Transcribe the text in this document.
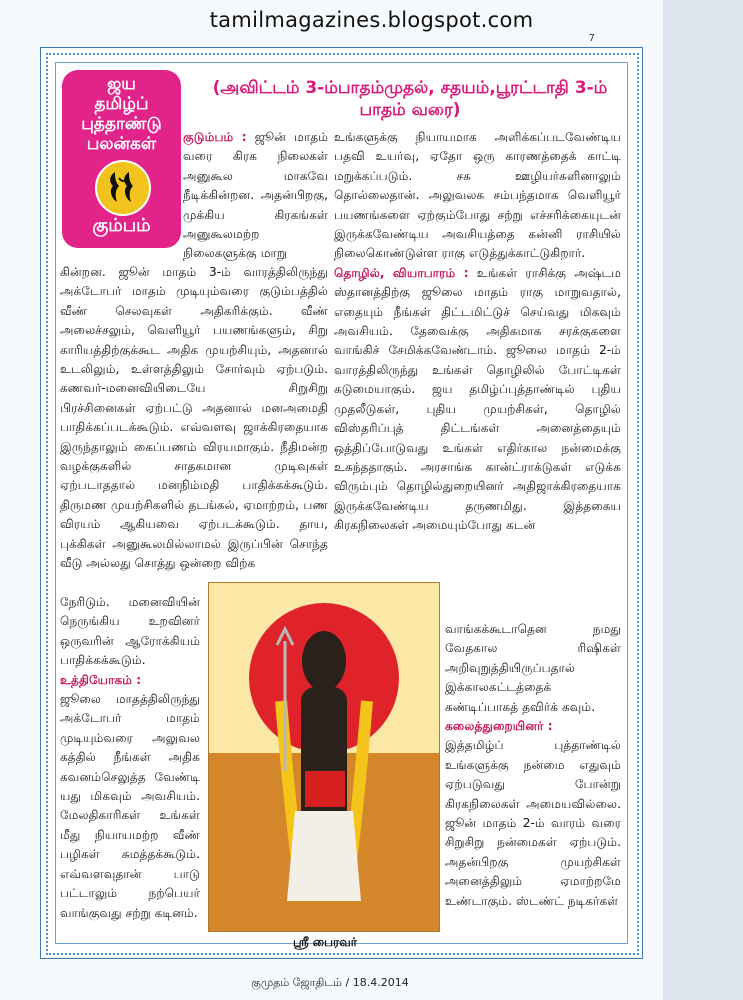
tamilmagazines.blogspot.com
7
ஜய
தமிழ்ப்
புத்தாண்டு
பலன்கள்
கும்பம்
(அவிட்டம் 3-ம்பாதம்முதல், சதயம்,பூரட்டாதி 3-ம் பாதம் வரை)
குடும்பம் : ஜூன் மாதம் வரை கிரக நிலைகள் அனுகூல மாகவே நீடிக்கின்றன. அதன்பிறகு, முக்கிய கிரகங்கள் அனுகூலமற்ற நிலைகளுக்கு மாறு
கின்றன. ஜூன் மாதம் 3-ம் வாரத்திலிருந்து அக்டோபர் மாதம் முடியும்வரை குடும்பத்தில் வீண் செலவுகள் அதிகரிக்கும். வீண் அலைச்சலும், வெளியூர் பயணங்களும், சிறு காரியத்திற்குக்கூட அதிக முயற்சியும், அதனால் உடலிலும், உள்ளத்திலும் சோர்வும் ஏற்படும். கணவர்-மனைவியிடையே சிறுசிறு பிரச்சினைகள் ஏற்பட்டு அதனால் மனஅமைதி பாதிக்கப்படக்கூடும். எவ்வளவு ஜாக்கிரதையாக இருந்தாலும் கைப்பணம் விரயமாகும். நீதிமன்ற வழக்குகளில் சாதகமான முடிவுகள் ஏற்படாததால் மனநிம்மதி பாதிக்கக்கூடும். திருமண முயற்சிகளில் தடங்கல், ஏமாற்றம், பண விரயம் ஆகியவை ஏற்படக்கூடும். தாய, புக்கிகள் அனுகூலமில்லாமல் இருப்பின் சொந்த வீடு அல்லது சொத்து ஒன்றை விற்க

நேரிடும். மனைவியின் நெருங்கிய உறவினர் ஒருவரின் ஆரோக்கியம் பாதிக்கக்கூடும்.

உத்தியோகம் :

ஜூலை மாதத்திலிருந்து அக்டோபர் மாதம் முடியும்வரை அலுவல கத்தில் நீங்கள் அதிக கவனம்செலுத்த வேண்டி யது மிகவும் அவசியம். மேலதிகாரிகள் உங்கள் மீது நியாயமற்ற வீண் பழிகள் சுமத்தக்கூடும். எவ்வளவுதான் பாடு பட்டாலும் நற்பெயர் வாங்குவது சற்று கடினம்.

உங்களுக்கு நியாயமாக அளிக்கப்படவேண்டிய பதவி உயர்வு, ஏதோ ஒரு காரணத்தைக் காட்டி மறுக்கப்படும். சக ஊழியர்களினாலும் தொல்லைதான். அலுவலக சம்பந்தமாக வெளியூர் பயணங்களை ஏற்கும்போது சற்று எச்சரிக்கையுடன் இருக்கவேண்டிய அவசியத்தை கன்னி ராசியில் நிலைகொண்டுள்ள ராகு எடுத்துக்காட்டுகிறார்.

தொழில், வியாபாரம் : உங்கள் ராசிக்கு அஷ்டம ஸ்தானத்திற்கு ஜூலை மாதம் ராகு மாறுவதால், எதையும் நீங்கள் திட்டமிட்டுச் செய்வது மிகவும் அவசியம். தேவைக்கு அதிகமாக சரக்குகளை வாங்கிச் சேமிக்கவேண்டாம். ஜூலை மாதம் 2-ம் வாரத்திலிருந்து உங்கள் தொழிலில் போட்டிகள் கடுமையாகும். ஜய தமிழ்ப்புத்தாண்டில் புதிய முதலீடுகள், புதிய முயற்சிகள், தொழில் விஸ்தரிப்புத் திட்டங்கள் அனைத்தையும் ஒத்திப்போடுவது உங்கள் எதிர்கால நன்மைக்கு உகந்ததாகும். அரசாங்க கான்ட்ராக்டுகள் எடுக்க விரும்பும் தொழில்துறையினர் அதிஜாக்கிரதையாக இருக்கவேண்டிய தருணமிது. இத்தகைய கிரகநிலைகள் அமையும்போது கடன்

வாங்கக்கூடாதென நமது வேதகால ரிஷிகள் அறிவுறுத்தியிருப்பதால் இக்காலகட்டத்தைக் கண்டிப்பாகத் தவிர்க் கவும்.

கலைத்துறையினர் :

இத்தமிழ்ப் புத்தாண்டில் உங்களுக்கு நன்மை எதுவும் ஏற்படுவது போன்று கிரகநிலைகள் அமையவில்லை. ஜூன் மாதம் 2-ம் வாரம் வரை சிறுசிறு நன்மைகள் ஏற்படும். அதன்பிறகு முயற்சிகள் அனைத்திலும் ஏமாற்றமே உண்டாகும். ஸ்டண்ட் நடிகர்கள்

ஸ்ரீ பைரவர்
குமுதம் ஜோதிடம் / 18.4.2014
